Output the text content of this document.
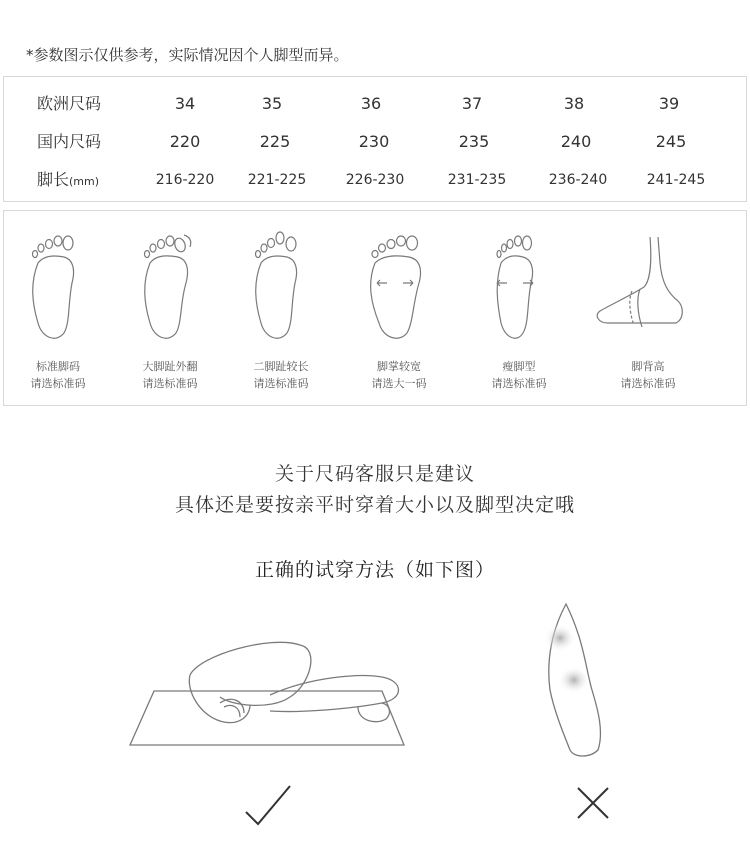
*参数图示仅供参考，实际情况因个人脚型而异。
欧洲尺码	34	35	36	37	38	39
国内尺码	220	225	230	235	240	245
脚长(mm)	216-220	221-225	226-230	231-235	236-240	241-245
标准脚码
请选标准码
大脚趾外翻
请选标准码
二脚趾较长
请选标准码
脚掌较宽
请选大一码
瘦脚型
请选标准码
脚背高
请选标准码
关于尺码客服只是建议
具体还是要按亲平时穿着大小以及脚型决定哦
正确的试穿方法（如下图）
